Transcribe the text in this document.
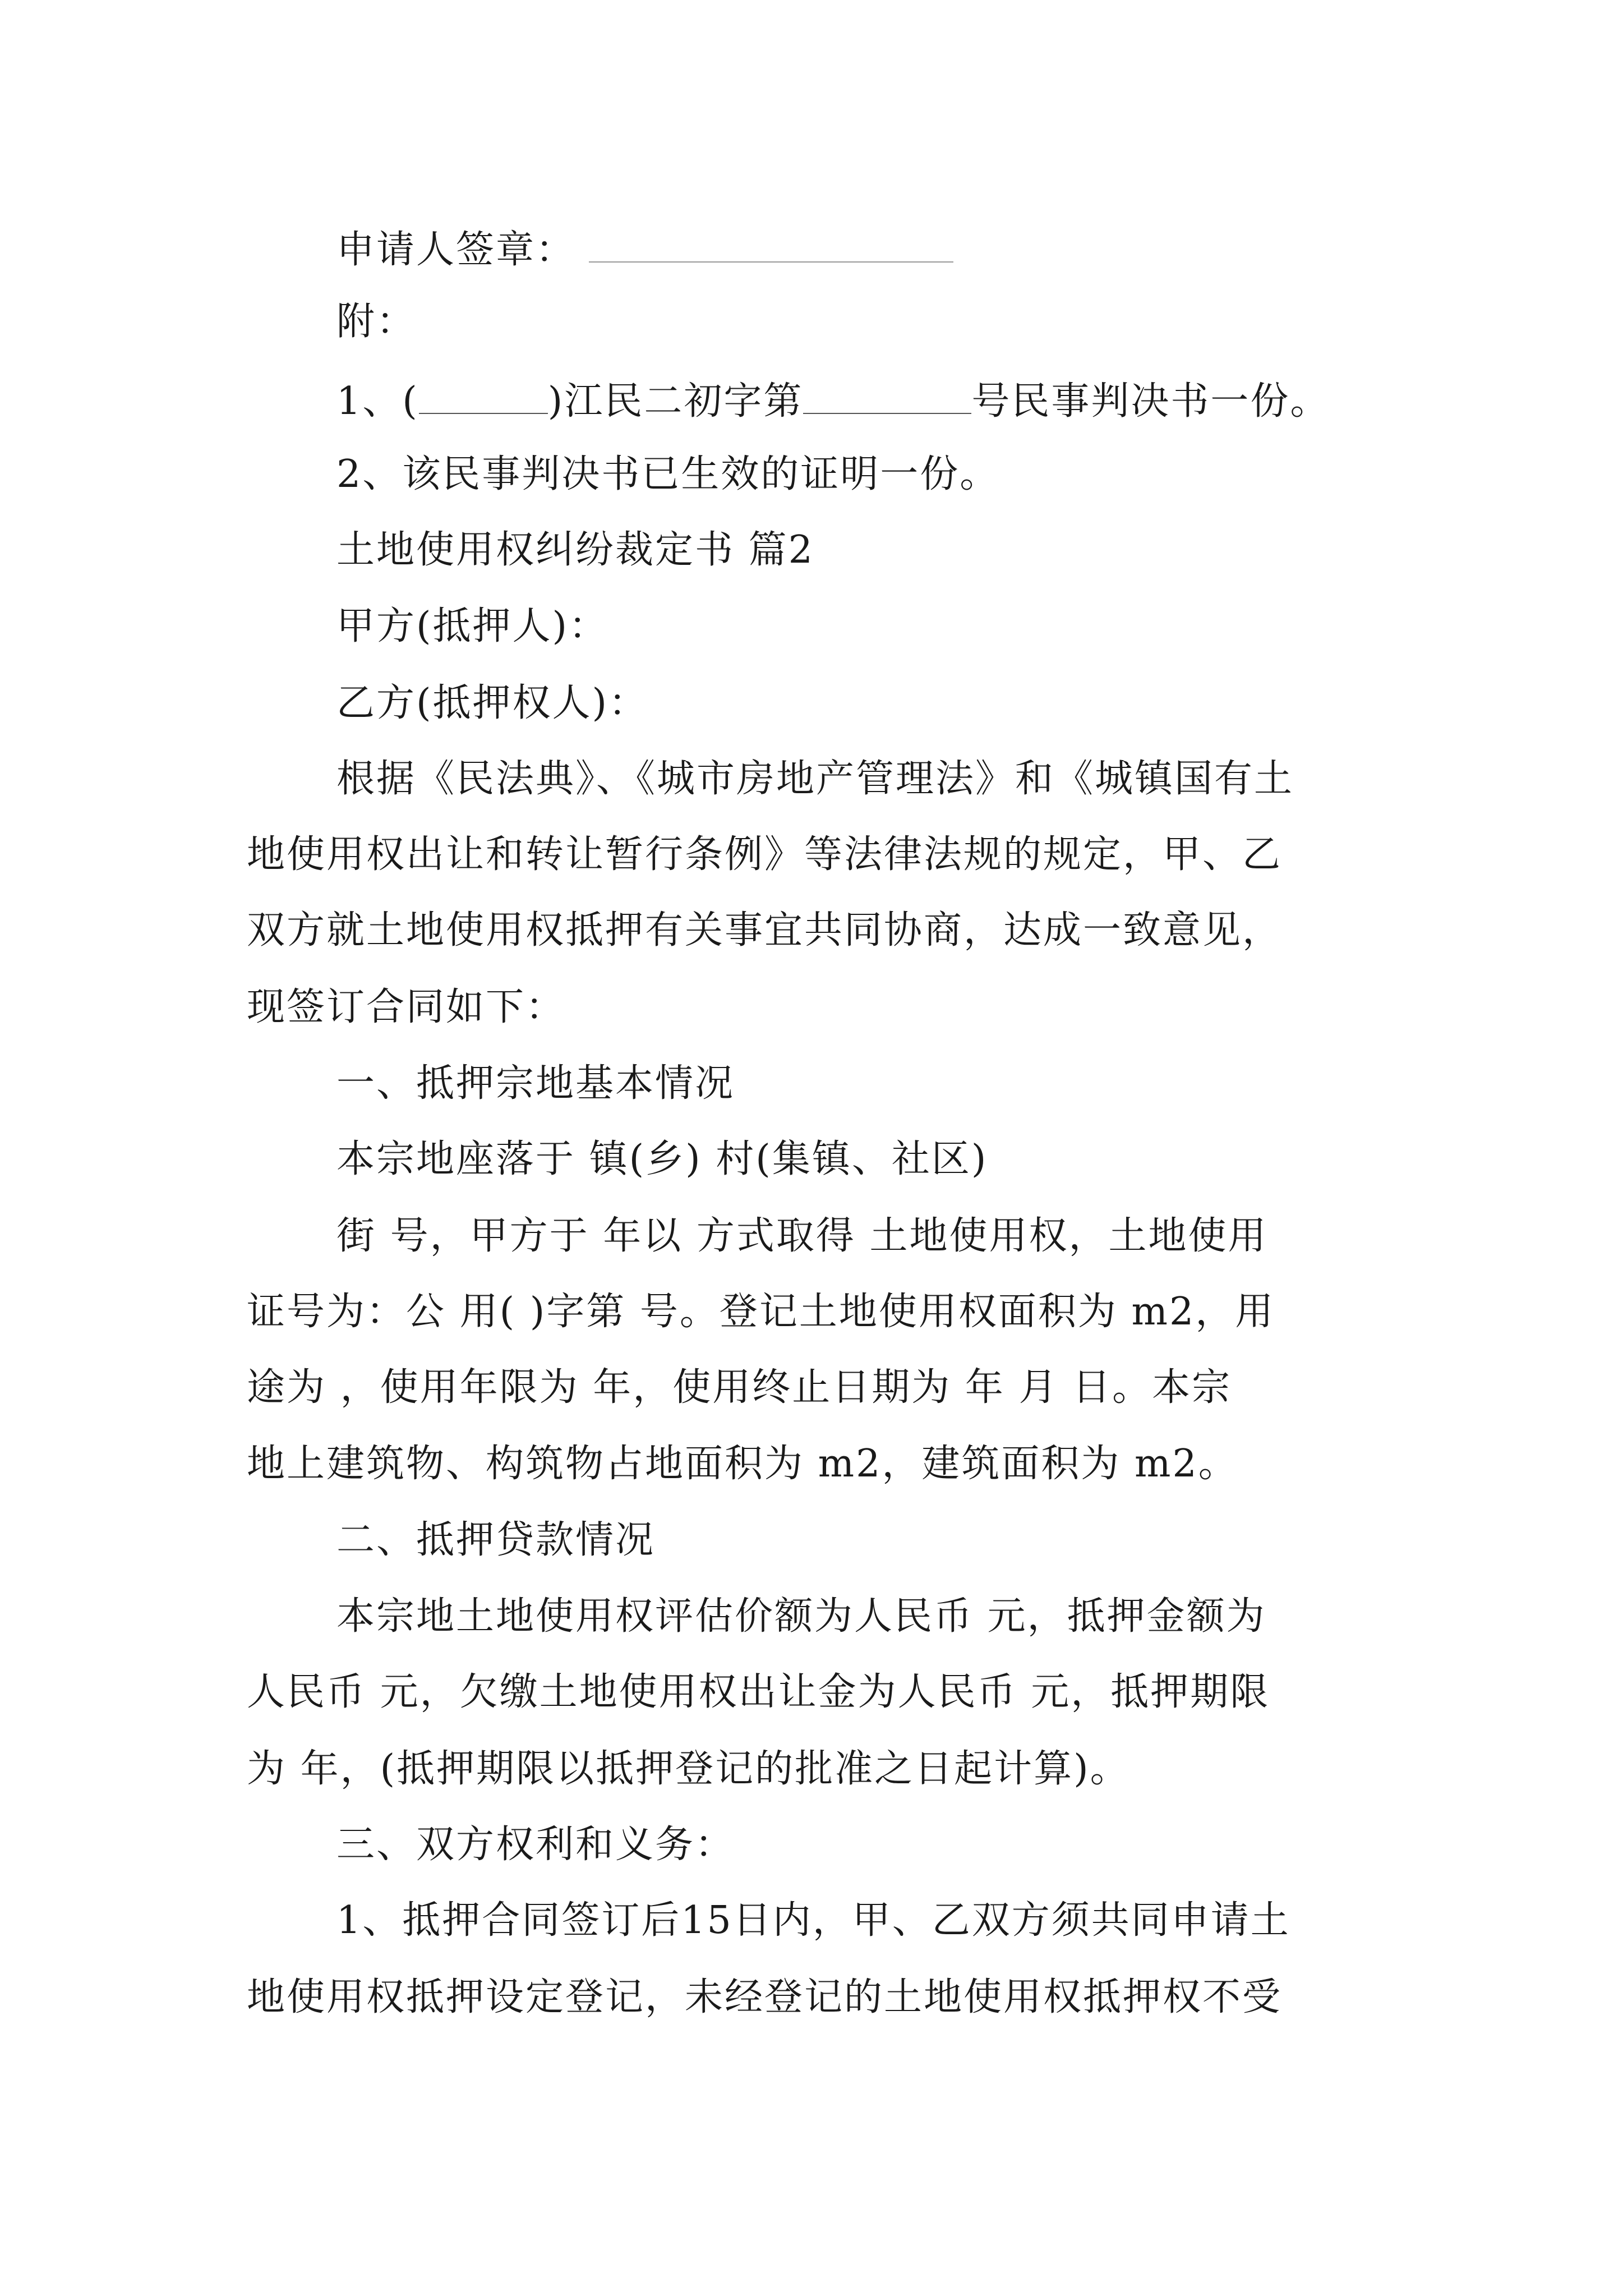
申请人签章：
附：
1、(	)江民二初字第	号民事判决书一份。
2、该民事判决书已生效的证明一份。
土地使用权纠纷裁定书 篇2
甲方(抵押人)：
乙方(抵押权人)：
根据《民法典》、《城市房地产管理法》和《城镇国有土
地使用权出让和转让暂行条例》等法律法规的规定，甲、乙
双方就土地使用权抵押有关事宜共同协商，达成一致意见，
现签订合同如下：
一、抵押宗地基本情况
本宗地座落于 镇(乡) 村(集镇、社区)
街 号，甲方于 年以 方式取得 土地使用权，土地使用
证号为：公 用( )字第 号。登记土地使用权面积为 m2，用
途为 ，使用年限为 年，使用终止日期为 年 月 日。本宗
地上建筑物、构筑物占地面积为 m2，建筑面积为 m2。
二、抵押贷款情况
本宗地土地使用权评估价额为人民币 元，抵押金额为
人民币 元，欠缴土地使用权出让金为人民币 元，抵押期限
为 年，(抵押期限以抵押登记的批准之日起计算)。
三、双方权利和义务：
1、抵押合同签订后15日内，甲、乙双方须共同申请土
地使用权抵押设定登记，未经登记的土地使用权抵押权不受
